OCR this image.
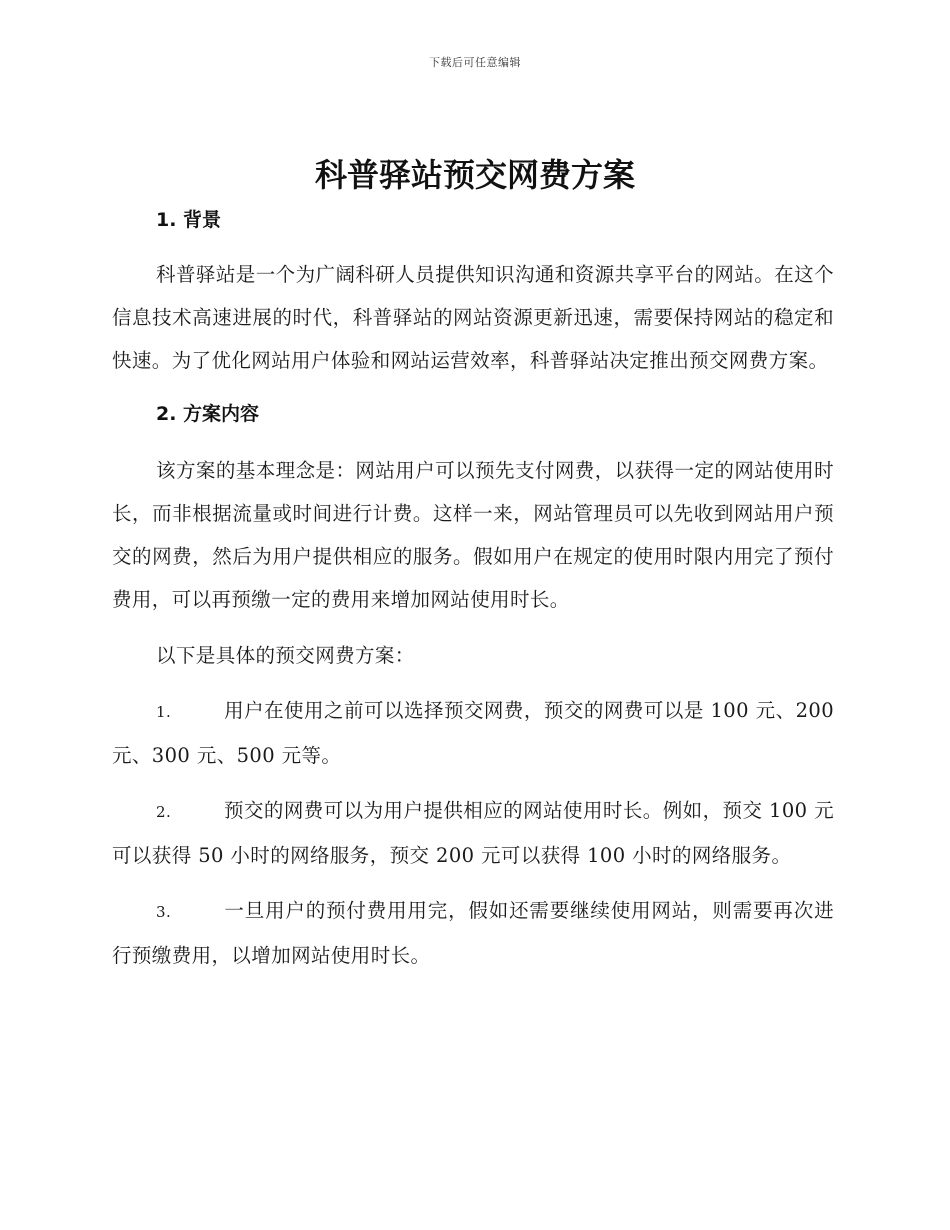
下载后可任意编辑
科普驿站预交网费方案
1. 背景

科普驿站是一个为广阔科研人员提供知识沟通和资源共享平台的网站。在这个信息技术高速进展的时代，科普驿站的网站资源更新迅速，需要保持网站的稳定和快速。为了优化网站用户体验和网站运营效率，科普驿站决定推出预交网费方案。

2. 方案内容

该方案的基本理念是：网站用户可以预先支付网费，以获得一定的网站使用时长，而非根据流量或时间进行计费。这样一来，网站管理员可以先收到网站用户预交的网费，然后为用户提供相应的服务。假如用户在规定的使用时限内用完了预付费用，可以再预缴一定的费用来增加网站使用时长。

以下是具体的预交网费方案：

1.	用户在使用之前可以选择预交网费，预交的网费可以是 100 元、200 元、300 元、500 元等。

2.	预交的网费可以为用户提供相应的网站使用时长。例如，预交 100 元可以获得 50 小时的网络服务，预交 200 元可以获得 100 小时的网络服务。

3.	一旦用户的预付费用用完，假如还需要继续使用网站，则需要再次进行预缴费用，以增加网站使用时长。
